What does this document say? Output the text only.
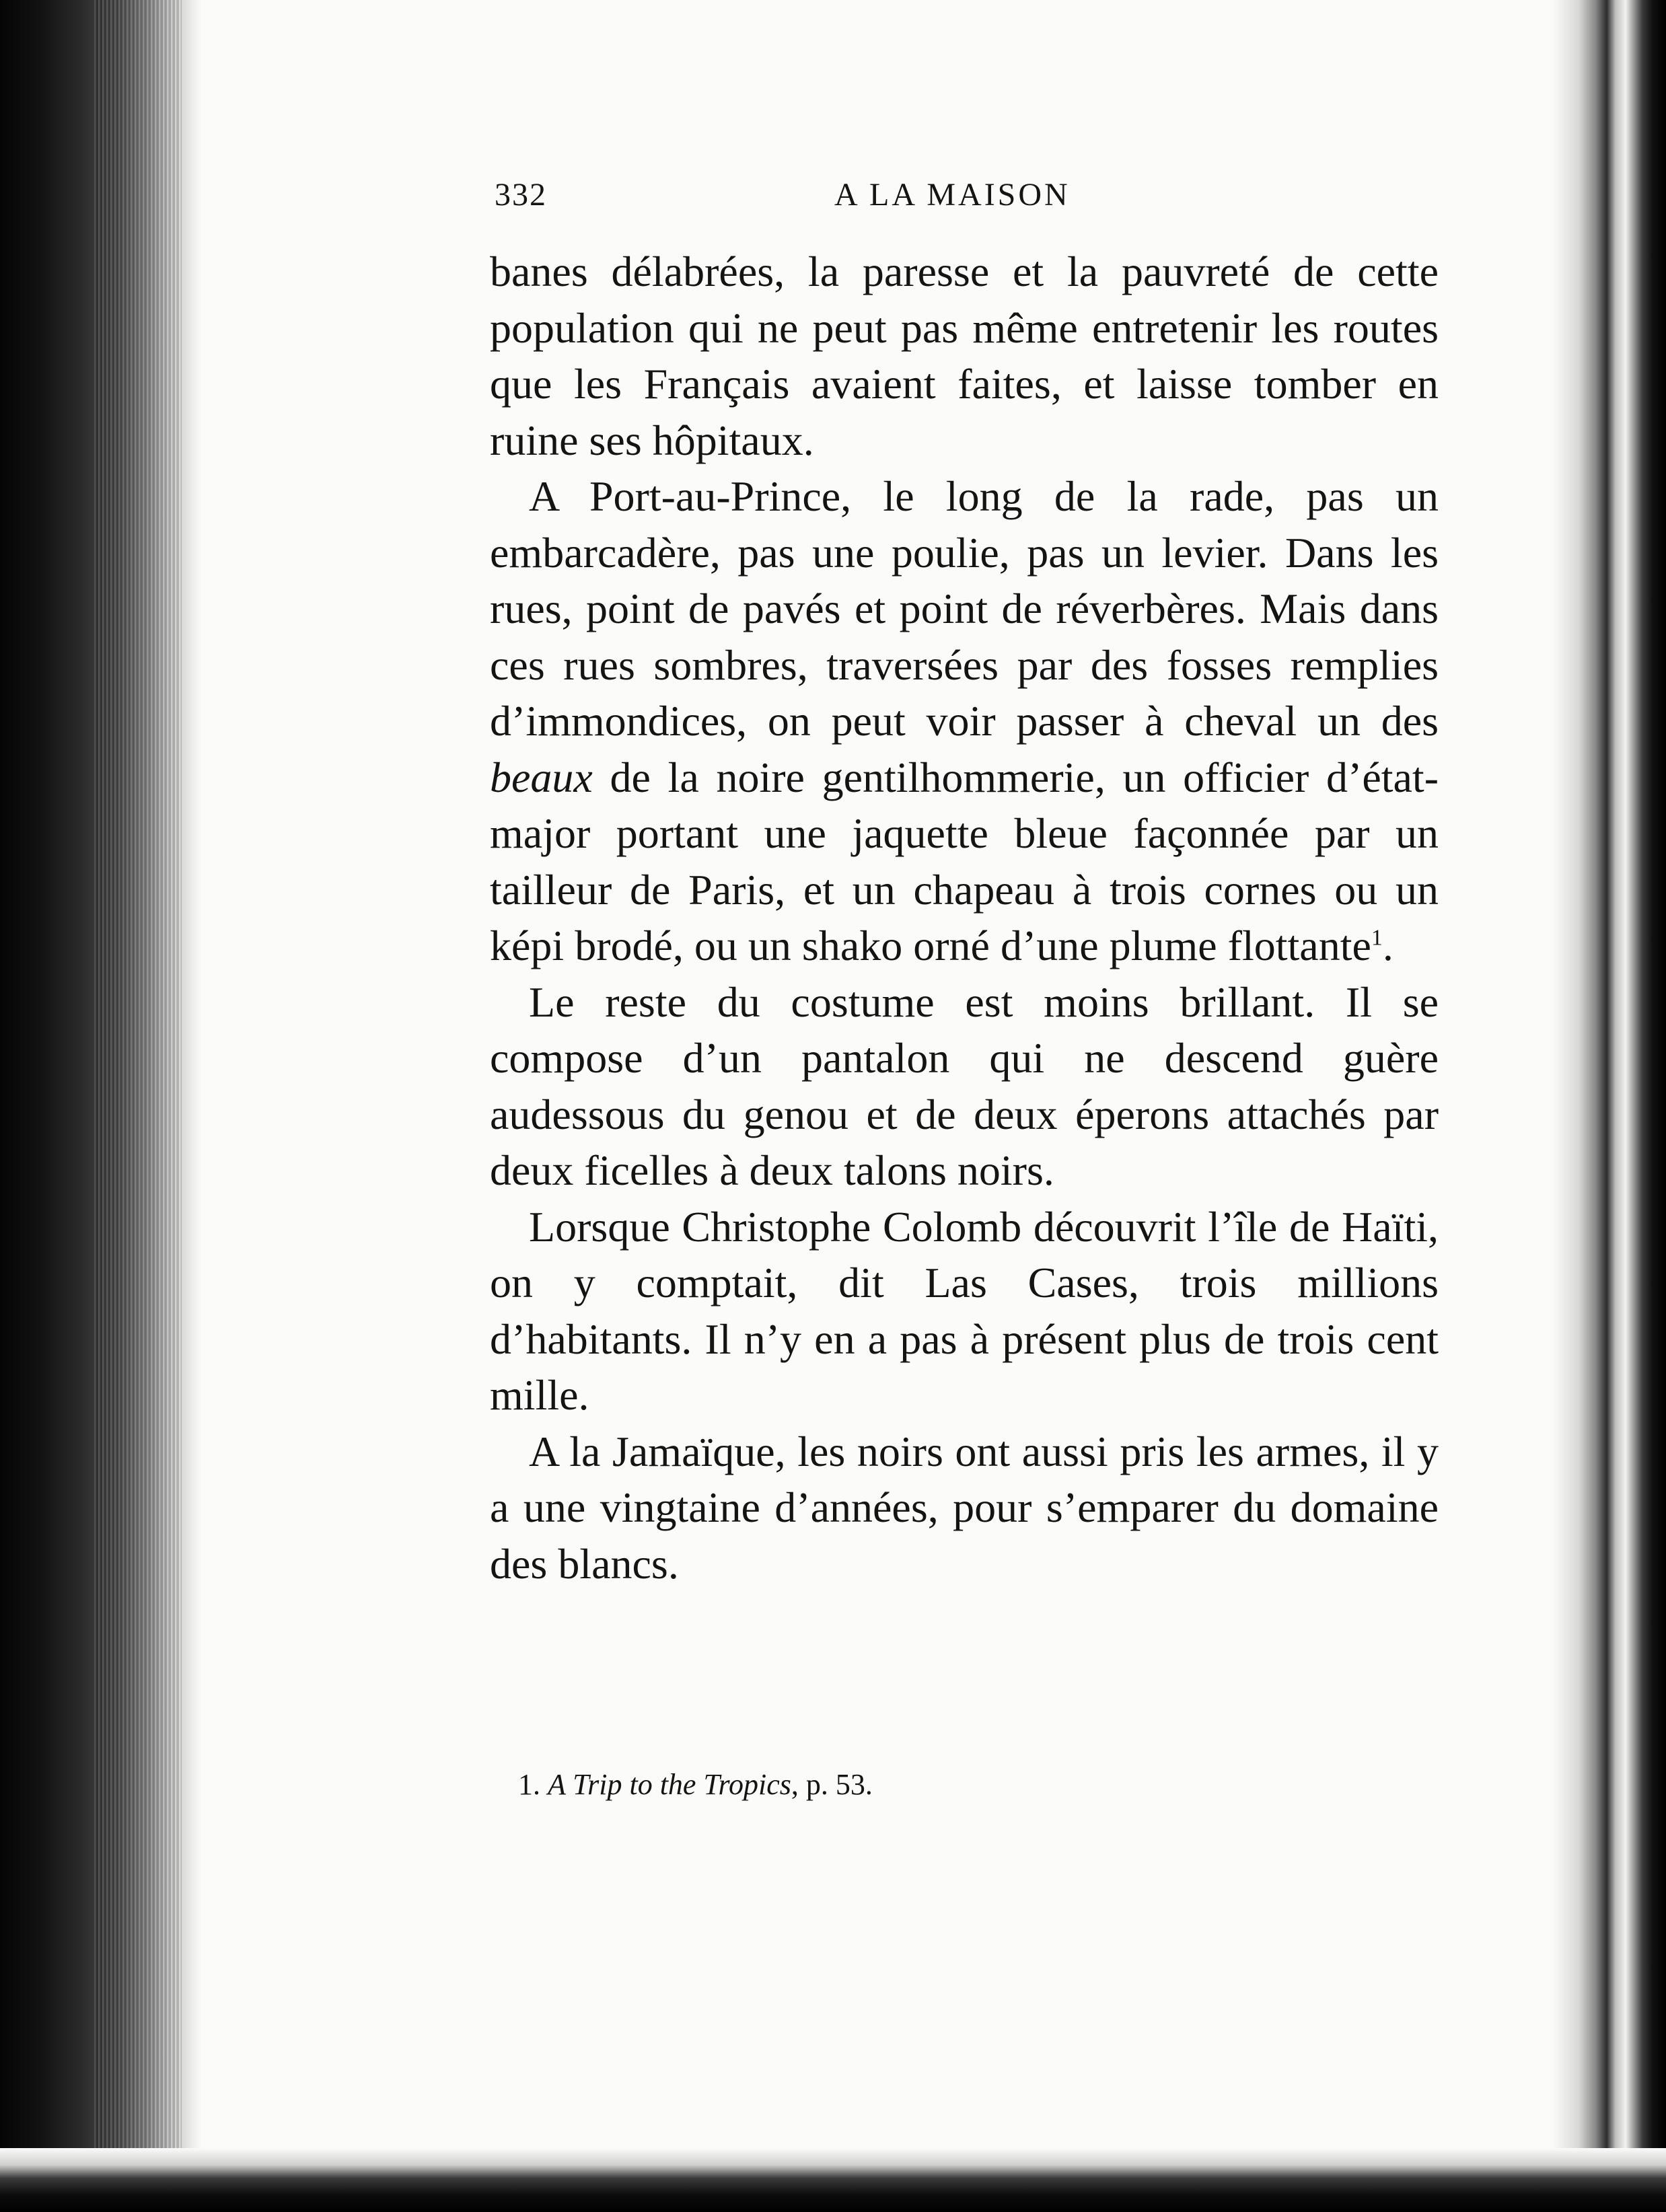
332	A LA MAISON

banes délabrées, la paresse et la pauvreté de cette population qui ne peut pas même entretenir les routes que les Français avaient faites, et laisse tomber en ruine ses hôpitaux.

A Port-au-Prince, le long de la rade, pas un embarcadère, pas une poulie, pas un levier. Dans les rues, point de pavés et point de réverbères. Mais dans ces rues sombres, traversées par des fosses remplies d’immondices, on peut voir passer à cheval un des beaux de la noire gentilhommerie, un officier d’état-major portant une jaquette bleue façonnée par un tailleur de Paris, et un chapeau à trois cornes ou un képi brodé, ou un shako orné d’une plume flottante$^1$.

Le reste du costume est moins brillant. Il se compose d’un pantalon qui ne descend guère audessous du genou et de deux éperons attachés par deux ficelles à deux talons noirs.

Lorsque Christophe Colomb découvrit l’île de Haïti, on y comptait, dit Las Cases, trois millions d’habitants. Il n’y en a pas à présent plus de trois cent mille.

A la Jamaïque, les noirs ont aussi pris les armes, il y a une vingtaine d’années, pour s’emparer du domaine des blancs.

1. A Trip to the Tropics, p. 53.
